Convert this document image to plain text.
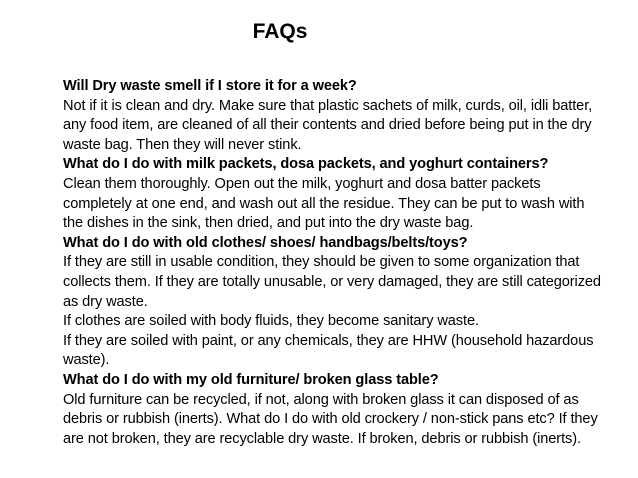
FAQs

Will Dry waste smell if I store it for a week?

Not if it is clean and dry. Make sure that plastic sachets of milk, curds, oil, idli batter, any food item, are cleaned of all their contents and dried before being put in the dry waste bag. Then they will never stink.

What do I do with milk packets, dosa packets, and yoghurt containers?

Clean them thoroughly. Open out the milk, yoghurt and dosa batter packets completely at one end, and wash out all the residue. They can be put to wash with the dishes in the sink, then dried, and put into the dry waste bag.

What do I do with old clothes/ shoes/ handbags/belts/toys?

If they are still in usable condition, they should be given to some organization that collects them. If they are totally unusable, or very damaged, they are still categorized as dry waste.

If clothes are soiled with body fluids, they become sanitary waste.

If they are soiled with paint, or any chemicals, they are HHW (household hazardous waste).

What do I do with my old furniture/ broken glass table?

Old furniture can be recycled, if not, along with broken glass it can disposed of as debris or rubbish (inerts). What do I do with old crockery / non-stick pans etc? If they are not broken, they are recyclable dry waste. If broken, debris or rubbish (inerts).
